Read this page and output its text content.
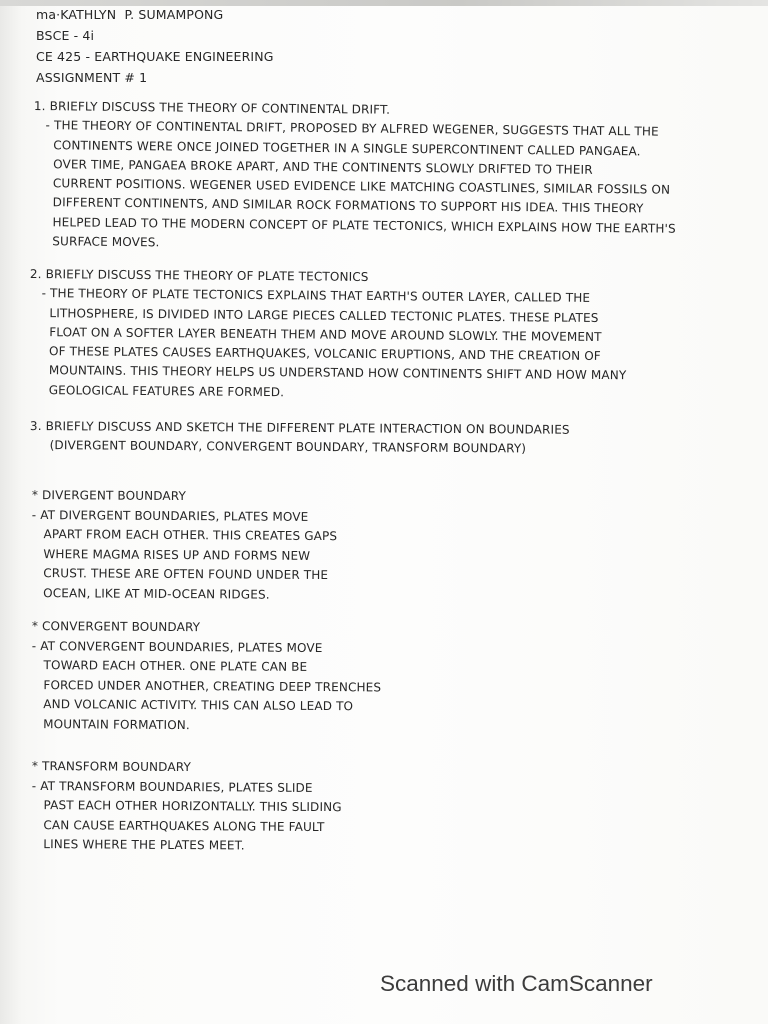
ma·KATHLYN  P. SUMAMPONG
BSCE - 4i
CE 425 - EARTHQUAKE ENGINEERING
ASSIGNMENT # 1
1. BRIEFLY DISCUSS THE THEORY OF CONTINENTAL DRIFT.
- THE THEORY OF CONTINENTAL DRIFT, PROPOSED BY ALFRED WEGENER, SUGGESTS THAT ALL THE
CONTINENTS WERE ONCE JOINED TOGETHER IN A SINGLE SUPERCONTINENT CALLED PANGAEA.
OVER TIME, PANGAEA BROKE APART, AND THE CONTINENTS SLOWLY DRIFTED TO THEIR
CURRENT POSITIONS. WEGENER USED EVIDENCE LIKE MATCHING COASTLINES, SIMILAR FOSSILS ON
DIFFERENT CONTINENTS, AND SIMILAR ROCK FORMATIONS TO SUPPORT HIS IDEA. THIS THEORY
HELPED LEAD TO THE MODERN CONCEPT OF PLATE TECTONICS, WHICH EXPLAINS HOW THE EARTH'S
SURFACE MOVES.
2. BRIEFLY DISCUSS THE THEORY OF PLATE TECTONICS
- THE THEORY OF PLATE TECTONICS EXPLAINS THAT EARTH'S OUTER LAYER, CALLED THE
LITHOSPHERE, IS DIVIDED INTO LARGE PIECES CALLED TECTONIC PLATES. THESE PLATES
FLOAT ON A SOFTER LAYER BENEATH THEM AND MOVE AROUND SLOWLY. THE MOVEMENT
OF THESE PLATES CAUSES EARTHQUAKES, VOLCANIC ERUPTIONS, AND THE CREATION OF
MOUNTAINS. THIS THEORY HELPS US UNDERSTAND HOW CONTINENTS SHIFT AND HOW MANY
GEOLOGICAL FEATURES ARE FORMED.
3. BRIEFLY DISCUSS AND SKETCH THE DIFFERENT PLATE INTERACTION ON BOUNDARIES
(DIVERGENT BOUNDARY, CONVERGENT BOUNDARY, TRANSFORM BOUNDARY)
* DIVERGENT BOUNDARY
- AT DIVERGENT BOUNDARIES, PLATES MOVE
APART FROM EACH OTHER. THIS CREATES GAPS
WHERE MAGMA RISES UP AND FORMS NEW
CRUST. THESE ARE OFTEN FOUND UNDER THE
OCEAN, LIKE AT MID-OCEAN RIDGES.
* CONVERGENT BOUNDARY
- AT CONVERGENT BOUNDARIES, PLATES MOVE
TOWARD EACH OTHER. ONE PLATE CAN BE
FORCED UNDER ANOTHER, CREATING DEEP TRENCHES
AND VOLCANIC ACTIVITY. THIS CAN ALSO LEAD TO
MOUNTAIN FORMATION.
* TRANSFORM BOUNDARY
- AT TRANSFORM BOUNDARIES, PLATES SLIDE
PAST EACH OTHER HORIZONTALLY. THIS SLIDING
CAN CAUSE EARTHQUAKES ALONG THE FAULT
LINES WHERE THE PLATES MEET.
Scanned with CamScanner
